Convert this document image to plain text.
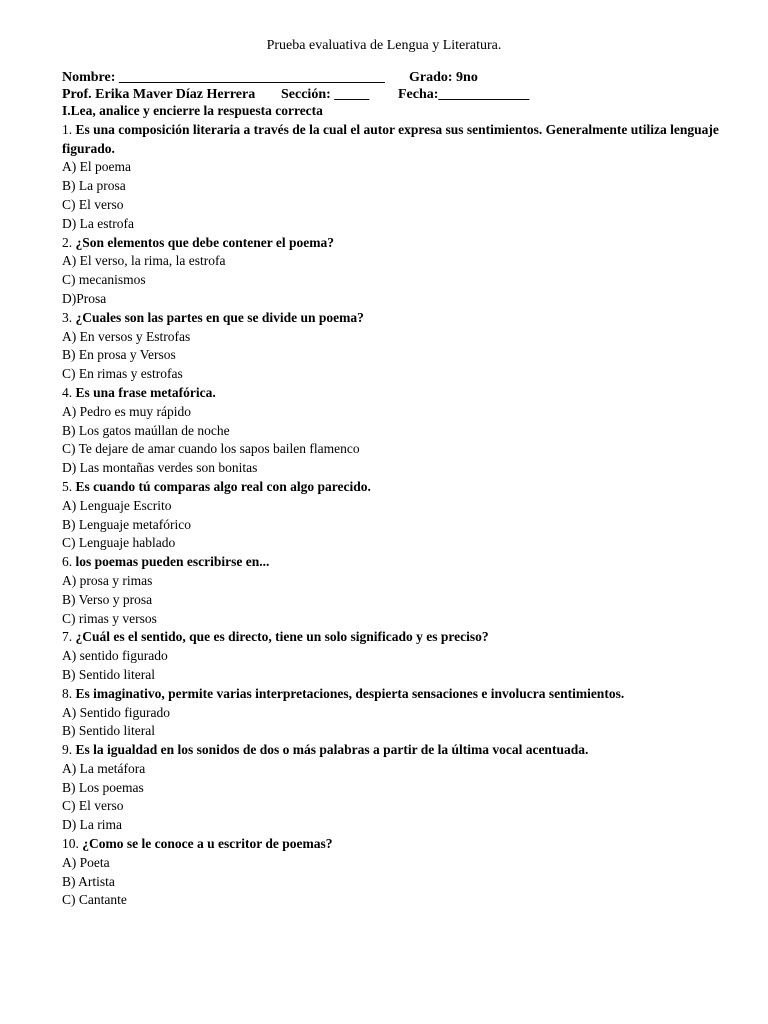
Prueba evaluativa de Lengua y Literatura.
Nombre: ______________________________________ Grado: 9no
Prof. Erika Maver Díaz Herrera Sección: _____ Fecha:_____________
I.Lea, analice y encierre la respuesta correcta
1. Es una composición literaria a través de la cual el autor expresa sus sentimientos. Generalmente utiliza lenguaje figurado.
A) El poema
B) La prosa
C) El verso
D) La estrofa
2. ¿Son elementos que debe contener el poema?
A) El verso, la rima, la estrofa
C) mecanismos
D)Prosa
3. ¿Cuales son las partes en que se divide un poema?
A) En versos y Estrofas
B) En prosa y Versos
C) En rimas y estrofas
4. Es una frase metafórica.
A) Pedro es muy rápido
B) Los gatos maúllan de noche
C) Te dejare de amar cuando los sapos bailen flamenco
D) Las montañas verdes son bonitas
5. Es cuando tú comparas algo real con algo parecido.
A) Lenguaje Escrito
B) Lenguaje metafórico
C) Lenguaje hablado
6. los poemas pueden escribirse en...
A) prosa y rimas
B) Verso y prosa
C) rimas y versos
7. ¿Cuál es el sentido, que es directo, tiene un solo significado y es preciso?
A) sentido figurado
B) Sentido literal
8. Es imaginativo, permite varias interpretaciones, despierta sensaciones e involucra sentimientos.
A) Sentido figurado
B) Sentido literal
9. Es la igualdad en los sonidos de dos o más palabras a partir de la última vocal acentuada.
A) La metáfora
B) Los poemas
C) El verso
D) La rima
10. ¿Como se le conoce a u escritor de poemas?
A) Poeta
B) Artista
C) Cantante
